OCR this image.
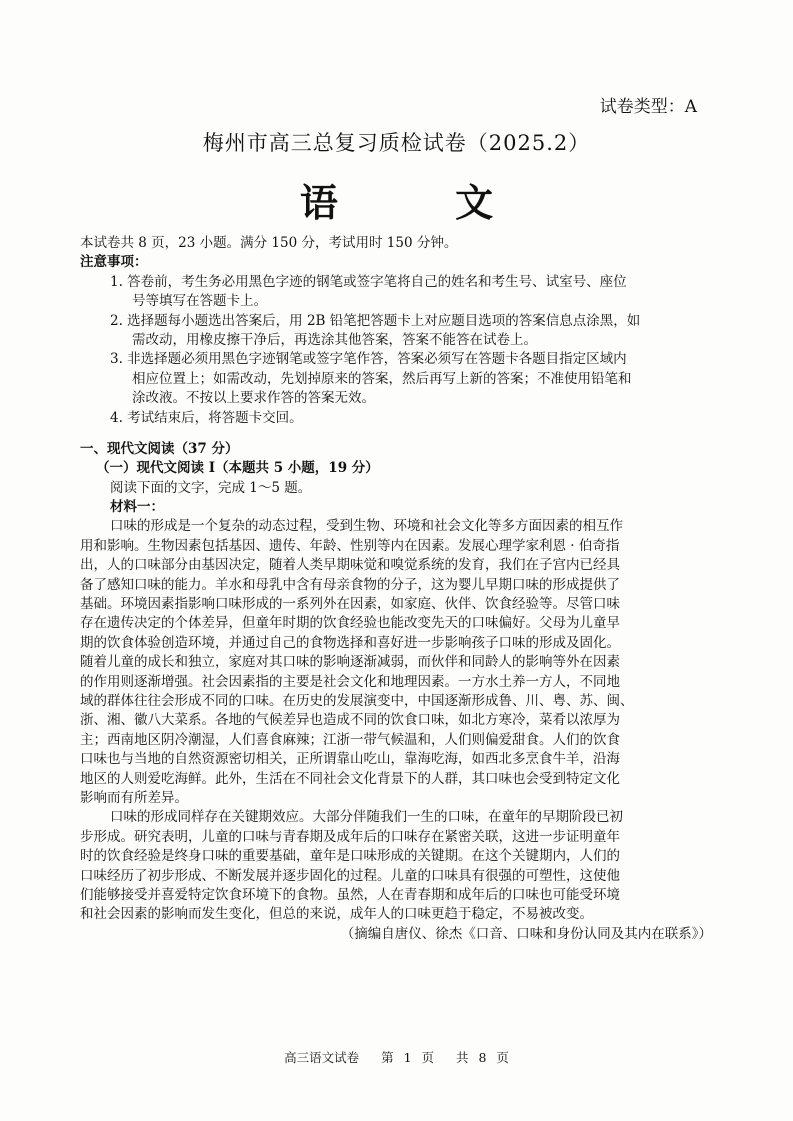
试卷类型：A
梅州市高三总复习质检试卷（2025.2）
语 文
本试卷共 8 页，23 小题。满分 150 分，考试用时 150 分钟。
注意事项：
1. 答卷前，考生务必用黑色字迹的钢笔或签字笔将自己的姓名和考生号、试室号、座位
号等填写在答题卡上。
2. 选择题每小题选出答案后，用 2B 铅笔把答题卡上对应题目选项的答案信息点涂黑，如
需改动，用橡皮擦干净后，再选涂其他答案，答案不能答在试卷上。
3. 非选择题必须用黑色字迹钢笔或签字笔作答，答案必须写在答题卡各题目指定区域内
相应位置上；如需改动，先划掉原来的答案，然后再写上新的答案；不准使用铅笔和
涂改液。不按以上要求作答的答案无效。
4. 考试结束后，将答题卡交回。
一、现代文阅读（37 分）
（一）现代文阅读 I（本题共 5 小题，19 分）
阅读下面的文字，完成 1～5 题。
材料一：
口味的形成是一个复杂的动态过程，受到生物、环境和社会文化等多方面因素的相互作
用和影响。生物因素包括基因、遗传、年龄、性别等内在因素。发展心理学家利恩 · 伯奇指
出，人的口味部分由基因决定，随着人类早期味觉和嗅觉系统的发育，我们在子宫内已经具
备了感知口味的能力。羊水和母乳中含有母亲食物的分子，这为婴儿早期口味的形成提供了
基础。环境因素指影响口味形成的一系列外在因素，如家庭、伙伴、饮食经验等。尽管口味
存在遗传决定的个体差异，但童年时期的饮食经验也能改变先天的口味偏好。父母为儿童早
期的饮食体验创造环境，并通过自己的食物选择和喜好进一步影响孩子口味的形成及固化。
随着儿童的成长和独立，家庭对其口味的影响逐渐减弱，而伙伴和同龄人的影响等外在因素
的作用则逐渐增强。社会因素指的主要是社会文化和地理因素。一方水土养一方人，不同地
域的群体往往会形成不同的口味。在历史的发展演变中，中国逐渐形成鲁、川、粤、苏、闽、
浙、湘、徽八大菜系。各地的气候差异也造成不同的饮食口味，如北方寒冷，菜肴以浓厚为
主；西南地区阴冷潮湿，人们喜食麻辣；江浙一带气候温和，人们则偏爱甜食。人们的饮食
口味也与当地的自然资源密切相关，正所谓靠山吃山，靠海吃海，如西北多烹食牛羊，沿海
地区的人则爱吃海鲜。此外，生活在不同社会文化背景下的人群，其口味也会受到特定文化
影响而有所差异。
口味的形成同样存在关键期效应。大部分伴随我们一生的口味，在童年的早期阶段已初
步形成。研究表明，儿童的口味与青春期及成年后的口味存在紧密关联，这进一步证明童年
时的饮食经验是终身口味的重要基础，童年是口味形成的关键期。在这个关键期内，人们的
口味经历了初步形成、不断发展并逐步固化的过程。儿童的口味具有很强的可塑性，这使他
们能够接受并喜爱特定饮食环境下的食物。虽然，人在青春期和成年后的口味也可能受环境
和社会因素的影响而发生变化，但总的来说，成年人的口味更趋于稳定，不易被改变。
（摘编自唐仪、徐杰《口音、口味和身份认同及其内在联系》）
高三语文试卷 第 1 页 共 8 页
